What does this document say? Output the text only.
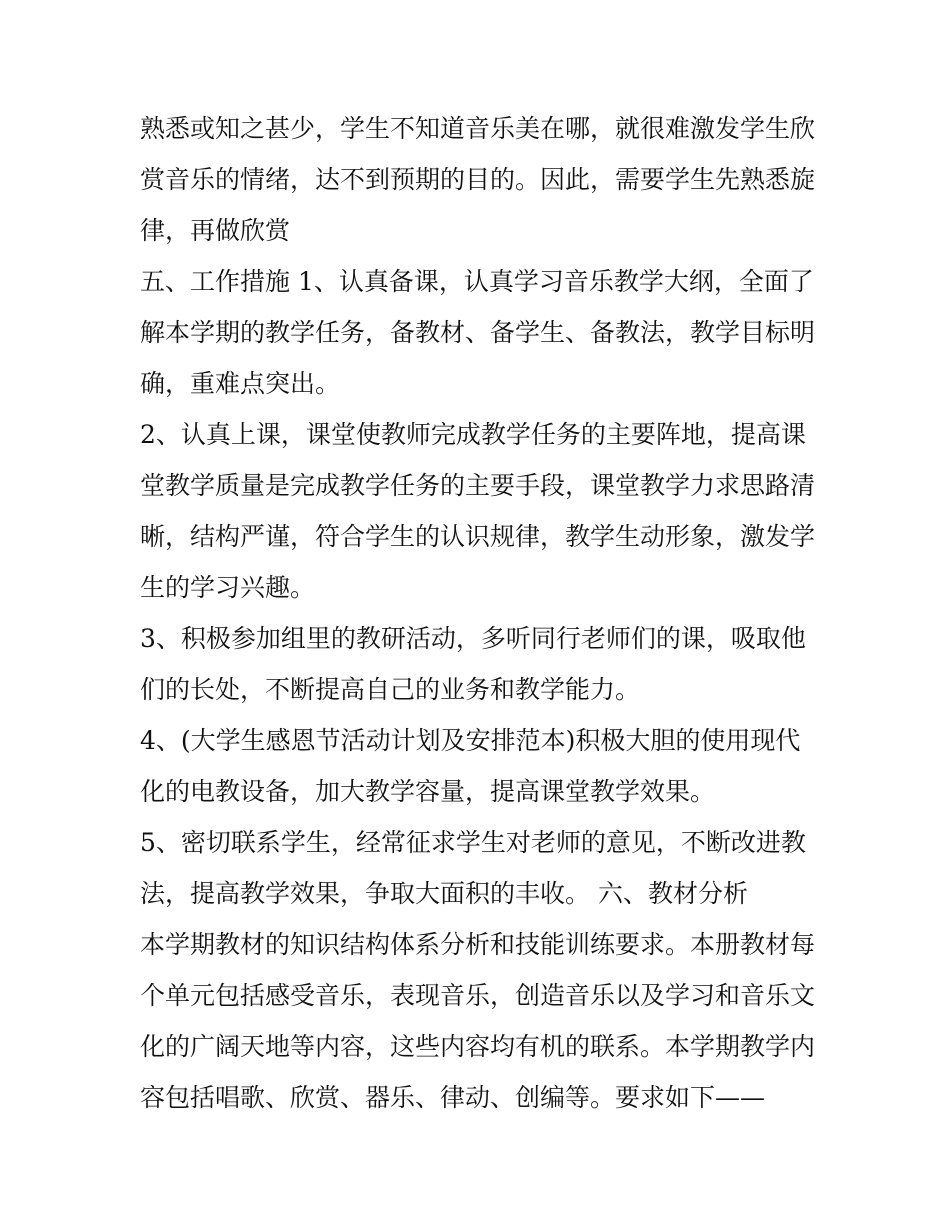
熟悉或知之甚少，学生不知道音乐美在哪，就很难激发学生欣
赏音乐的情绪，达不到预期的目的。因此，需要学生先熟悉旋
律，再做欣赏
五、工作措施 1、认真备课，认真学习音乐教学大纲，全面了
解本学期的教学任务，备教材、备学生、备教法，教学目标明
确，重难点突出。
2、认真上课，课堂使教师完成教学任务的主要阵地，提高课
堂教学质量是完成教学任务的主要手段，课堂教学力求思路清
晰，结构严谨，符合学生的认识规律，教学生动形象，激发学
生的学习兴趣。
3、积极参加组里的教研活动，多听同行老师们的课，吸取他
们的长处，不断提高自己的业务和教学能力。
4、(大学生感恩节活动计划及安排范本)积极大胆的使用现代
化的电教设备，加大教学容量，提高课堂教学效果。
5、密切联系学生，经常征求学生对老师的意见，不断改进教
法，提高教学效果，争取大面积的丰收。 六、教材分析
本学期教材的知识结构体系分析和技能训练要求。本册教材每
个单元包括感受音乐，表现音乐，创造音乐以及学习和音乐文
化的广阔天地等内容，这些内容均有机的联系。本学期教学内
容包括唱歌、欣赏、器乐、律动、创编等。要求如下——
